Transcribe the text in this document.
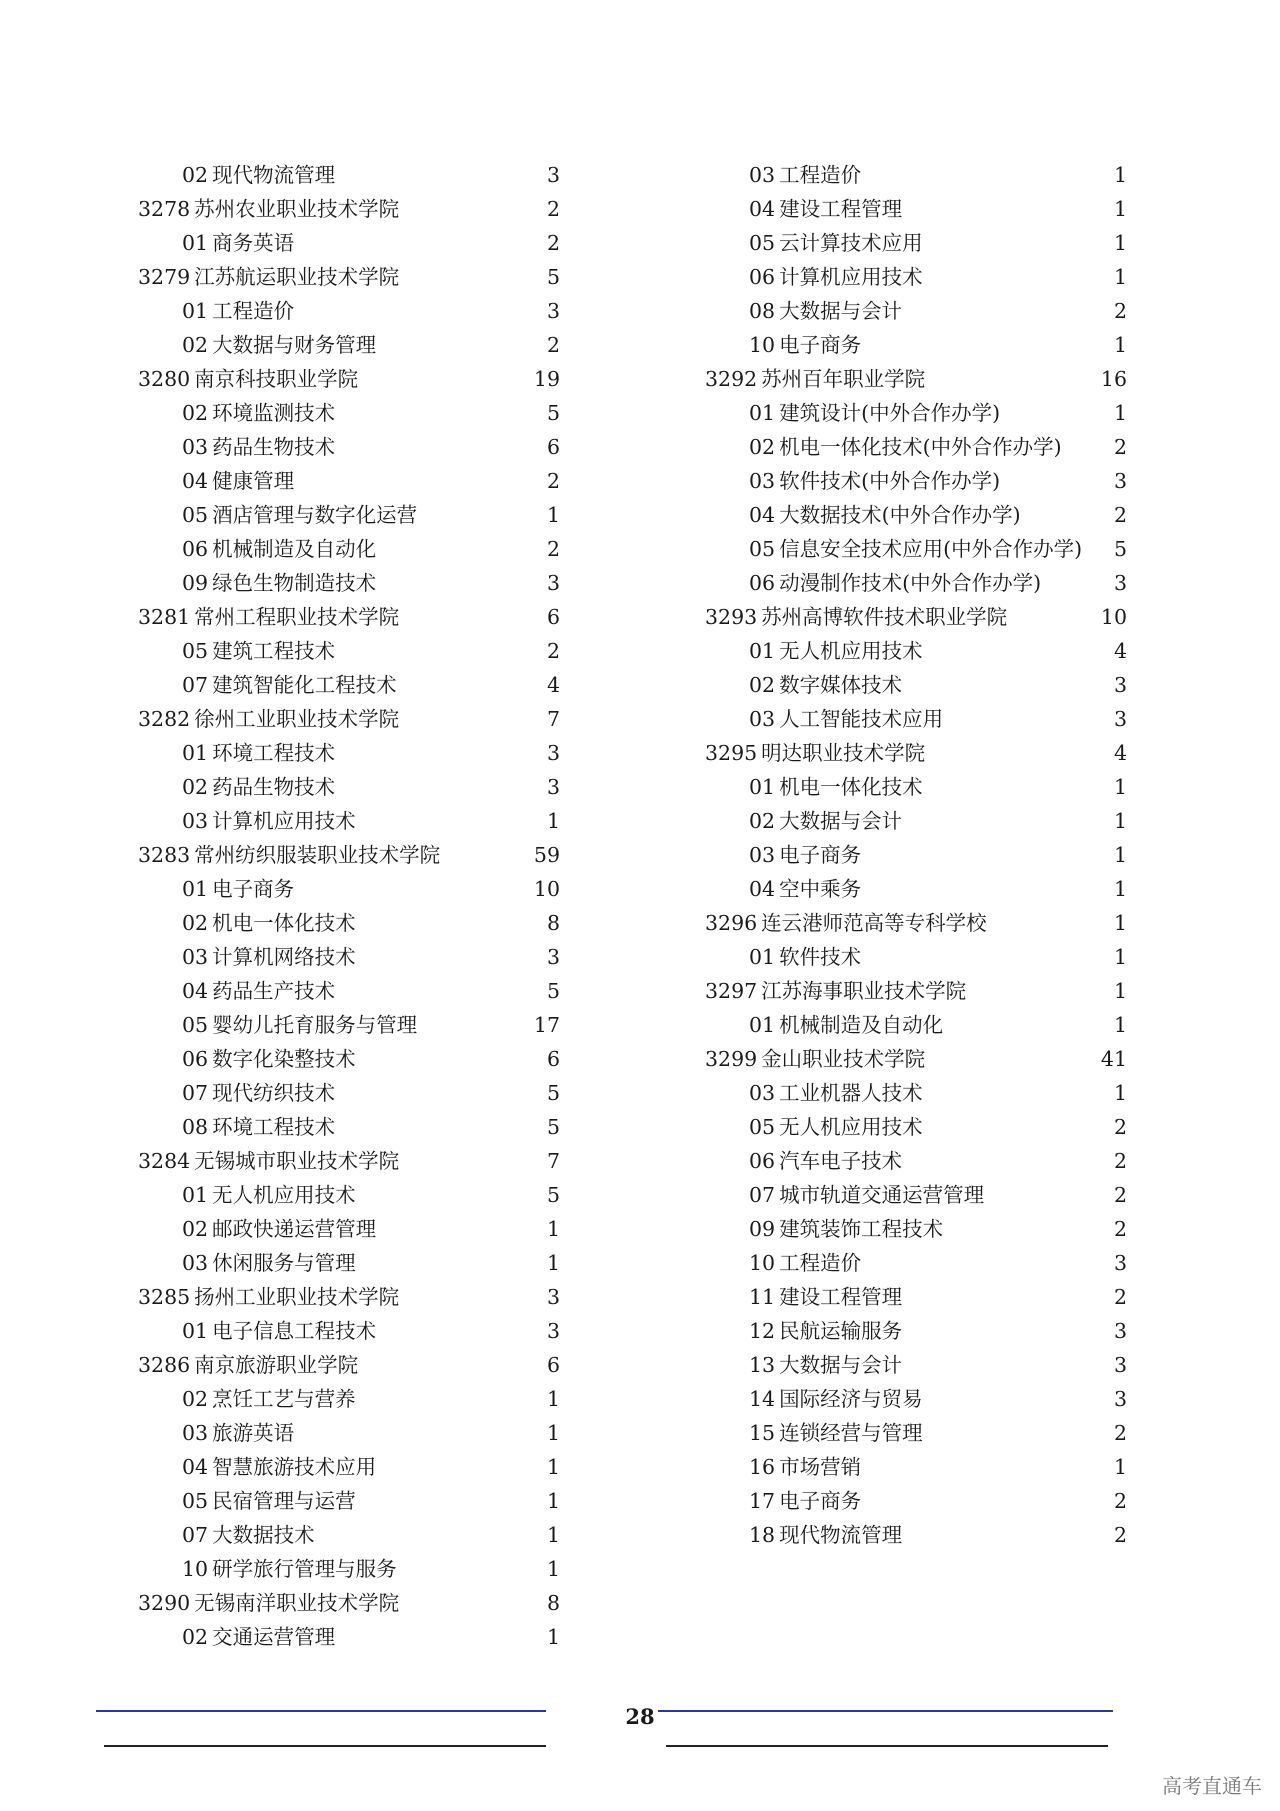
02 现代物流管理	3
3278 苏州农业职业技术学院	2
01 商务英语	2
3279 江苏航运职业技术学院	5
01 工程造价	3
02 大数据与财务管理	2
3280 南京科技职业学院	19
02 环境监测技术	5
03 药品生物技术	6
04 健康管理	2
05 酒店管理与数字化运营	1
06 机械制造及自动化	2
09 绿色生物制造技术	3
3281 常州工程职业技术学院	6
05 建筑工程技术	2
07 建筑智能化工程技术	4
3282 徐州工业职业技术学院	7
01 环境工程技术	3
02 药品生物技术	3
03 计算机应用技术	1
3283 常州纺织服装职业技术学院	59
01 电子商务	10
02 机电一体化技术	8
03 计算机网络技术	3
04 药品生产技术	5
05 婴幼儿托育服务与管理	17
06 数字化染整技术	6
07 现代纺织技术	5
08 环境工程技术	5
3284 无锡城市职业技术学院	7
01 无人机应用技术	5
02 邮政快递运营管理	1
03 休闲服务与管理	1
3285 扬州工业职业技术学院	3
01 电子信息工程技术	3
3286 南京旅游职业学院	6
02 烹饪工艺与营养	1
03 旅游英语	1
04 智慧旅游技术应用	1
05 民宿管理与运营	1
07 大数据技术	1
10 研学旅行管理与服务	1
3290 无锡南洋职业技术学院	8
02 交通运营管理	1
03 工程造价	1
04 建设工程管理	1
05 云计算技术应用	1
06 计算机应用技术	1
08 大数据与会计	2
10 电子商务	1
3292 苏州百年职业学院	16
01 建筑设计(中外合作办学)	1
02 机电一体化技术(中外合作办学)	2
03 软件技术(中外合作办学)	3
04 大数据技术(中外合作办学)	2
05 信息安全技术应用(中外合作办学)	5
06 动漫制作技术(中外合作办学)	3
3293 苏州高博软件技术职业学院	10
01 无人机应用技术	4
02 数字媒体技术	3
03 人工智能技术应用	3
3295 明达职业技术学院	4
01 机电一体化技术	1
02 大数据与会计	1
03 电子商务	1
04 空中乘务	1
3296 连云港师范高等专科学校	1
01 软件技术	1
3297 江苏海事职业技术学院	1
01 机械制造及自动化	1
3299 金山职业技术学院	41
03 工业机器人技术	1
05 无人机应用技术	2
06 汽车电子技术	2
07 城市轨道交通运营管理	2
09 建筑装饰工程技术	2
10 工程造价	3
11 建设工程管理	2
12 民航运输服务	3
13 大数据与会计	3
14 国际经济与贸易	3
15 连锁经营与管理	2
16 市场营销	1
17 电子商务	2
18 现代物流管理	2
28
高考直通车
